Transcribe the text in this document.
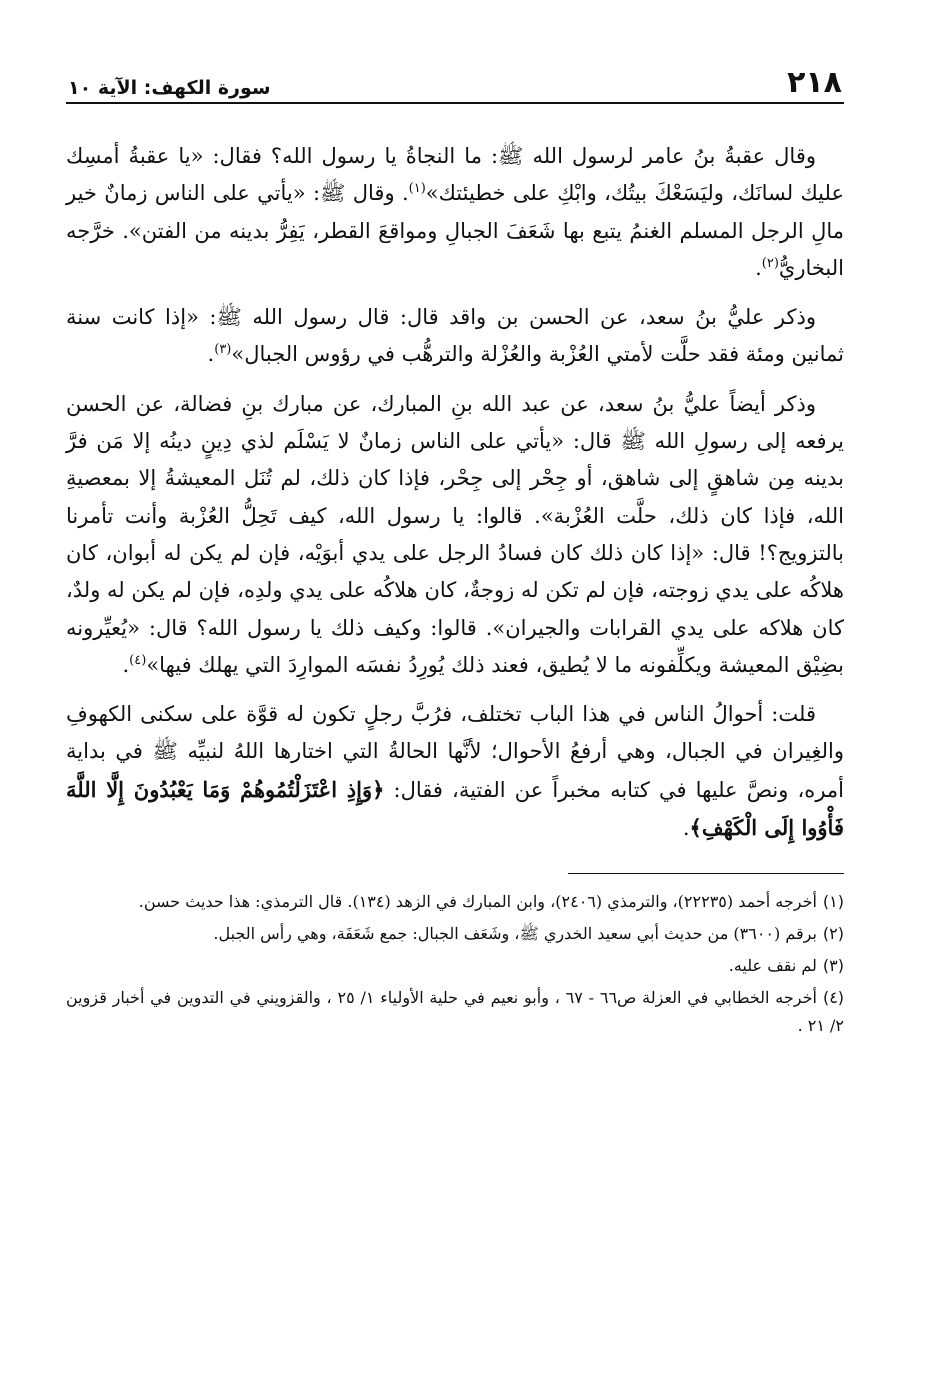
٢١٨
سورة الكهف: الآية ١٠

وقال عقبةُ بنُ عامر لرسول الله ﷺ: ما النجاةُ يا رسول الله؟ فقال: «يا عقبةُ أمسِك عليك لسانَك، وليَسَعْكَ بيتُك، وابْكِ على خطيئتك»$^{(١)}$. وقال ﷺ: «يأتي على الناس زمانٌ خير مالِ الرجل المسلم الغنمُ يتبع بها شَعَفَ الجبالِ ومواقعَ القطر، يَفِرُّ بدينه من الفتن». خرَّجه البخاريُّ$^{(٢)}$.

وذكر عليُّ بنُ سعد، عن الحسن بن واقد قال: قال رسول الله ﷺ: «إذا كانت سنة ثمانين ومئة فقد حلَّت لأمتي العُزْبة والعُزْلة والترهُّب في رؤوس الجبال»$^{(٣)}$.

وذكر أيضاً عليُّ بنُ سعد، عن عبد الله بنِ المبارك، عن مبارك بنِ فضالة، عن الحسن يرفعه إلى رسولِ الله ﷺ قال: «يأتي على الناس زمانٌ لا يَسْلَم لذي دِينٍ دينُه إلا مَن فرَّ بدينه مِن شاهقٍ إلى شاهق، أو جِحْر إلى جِحْر، فإذا كان ذلك، لم تُنَل المعيشةُ إلا بمعصيةِ الله، فإذا كان ذلك، حلَّت العُزْبة». قالوا: يا رسول الله، كيف تَحِلُّ العُزْبة وأنت تأمرنا بالتزويج؟! قال: «إذا كان ذلك كان فسادُ الرجل على يدي أبوَيْه، فإن لم يكن له أبوان، كان هلاكُه على يدي زوجته، فإن لم تكن له زوجةٌ، كان هلاكُه على يدي ولدِه، فإن لم يكن له ولدٌ، كان هلاكه على يدي القرابات والجيران». قالوا: وكيف ذلك يا رسول الله؟ قال: «يُعيِّرونه بضِيْق المعيشة ويكلِّفونه ما لا يُطيق، فعند ذلك يُورِدُ نفسَه الموارِدَ التي يهلك فيها»$^{(٤)}$.

قلت: أحوالُ الناس في هذا الباب تختلف، فرُبَّ رجلٍ تكون له قوَّة على سكنى الكهوفِ والغِيران في الجبال، وهي أرفعُ الأحوال؛ لأنَّها الحالةُ التي اختارها اللهُ لنبيِّه ﷺ في بداية أمره، ونصَّ عليها في كتابه مخبراً عن الفتية، فقال: ﴿وَإِذِ اعْتَزَلْتُمُوهُمْ وَمَا يَعْبُدُونَ إِلَّا اللَّهَ فَأْوُوا إِلَى الْكَهْفِ﴾.

(١)أخرجه أحمد (٢٢٢٣٥)، والترمذي (٢٤٠٦)، وابن المبارك في الزهد (١٣٤). قال الترمذي: هذا حديث حسن.

(٢)برقم (٣٦٠٠) من حديث أبي سعيد الخدري ﷺ، وشَعَف الجبال: جمع شَعَفَة، وهي رأس الجبل.

(٣)لم نقف عليه.

(٤)أخرجه الخطابي في العزلة ص٦٦ - ٦٧ ، وأبو نعيم في حلية الأولياء ١/ ٢٥ ، والقزويني في التدوين في أخبار قزوين ٢/ ٢١ .
